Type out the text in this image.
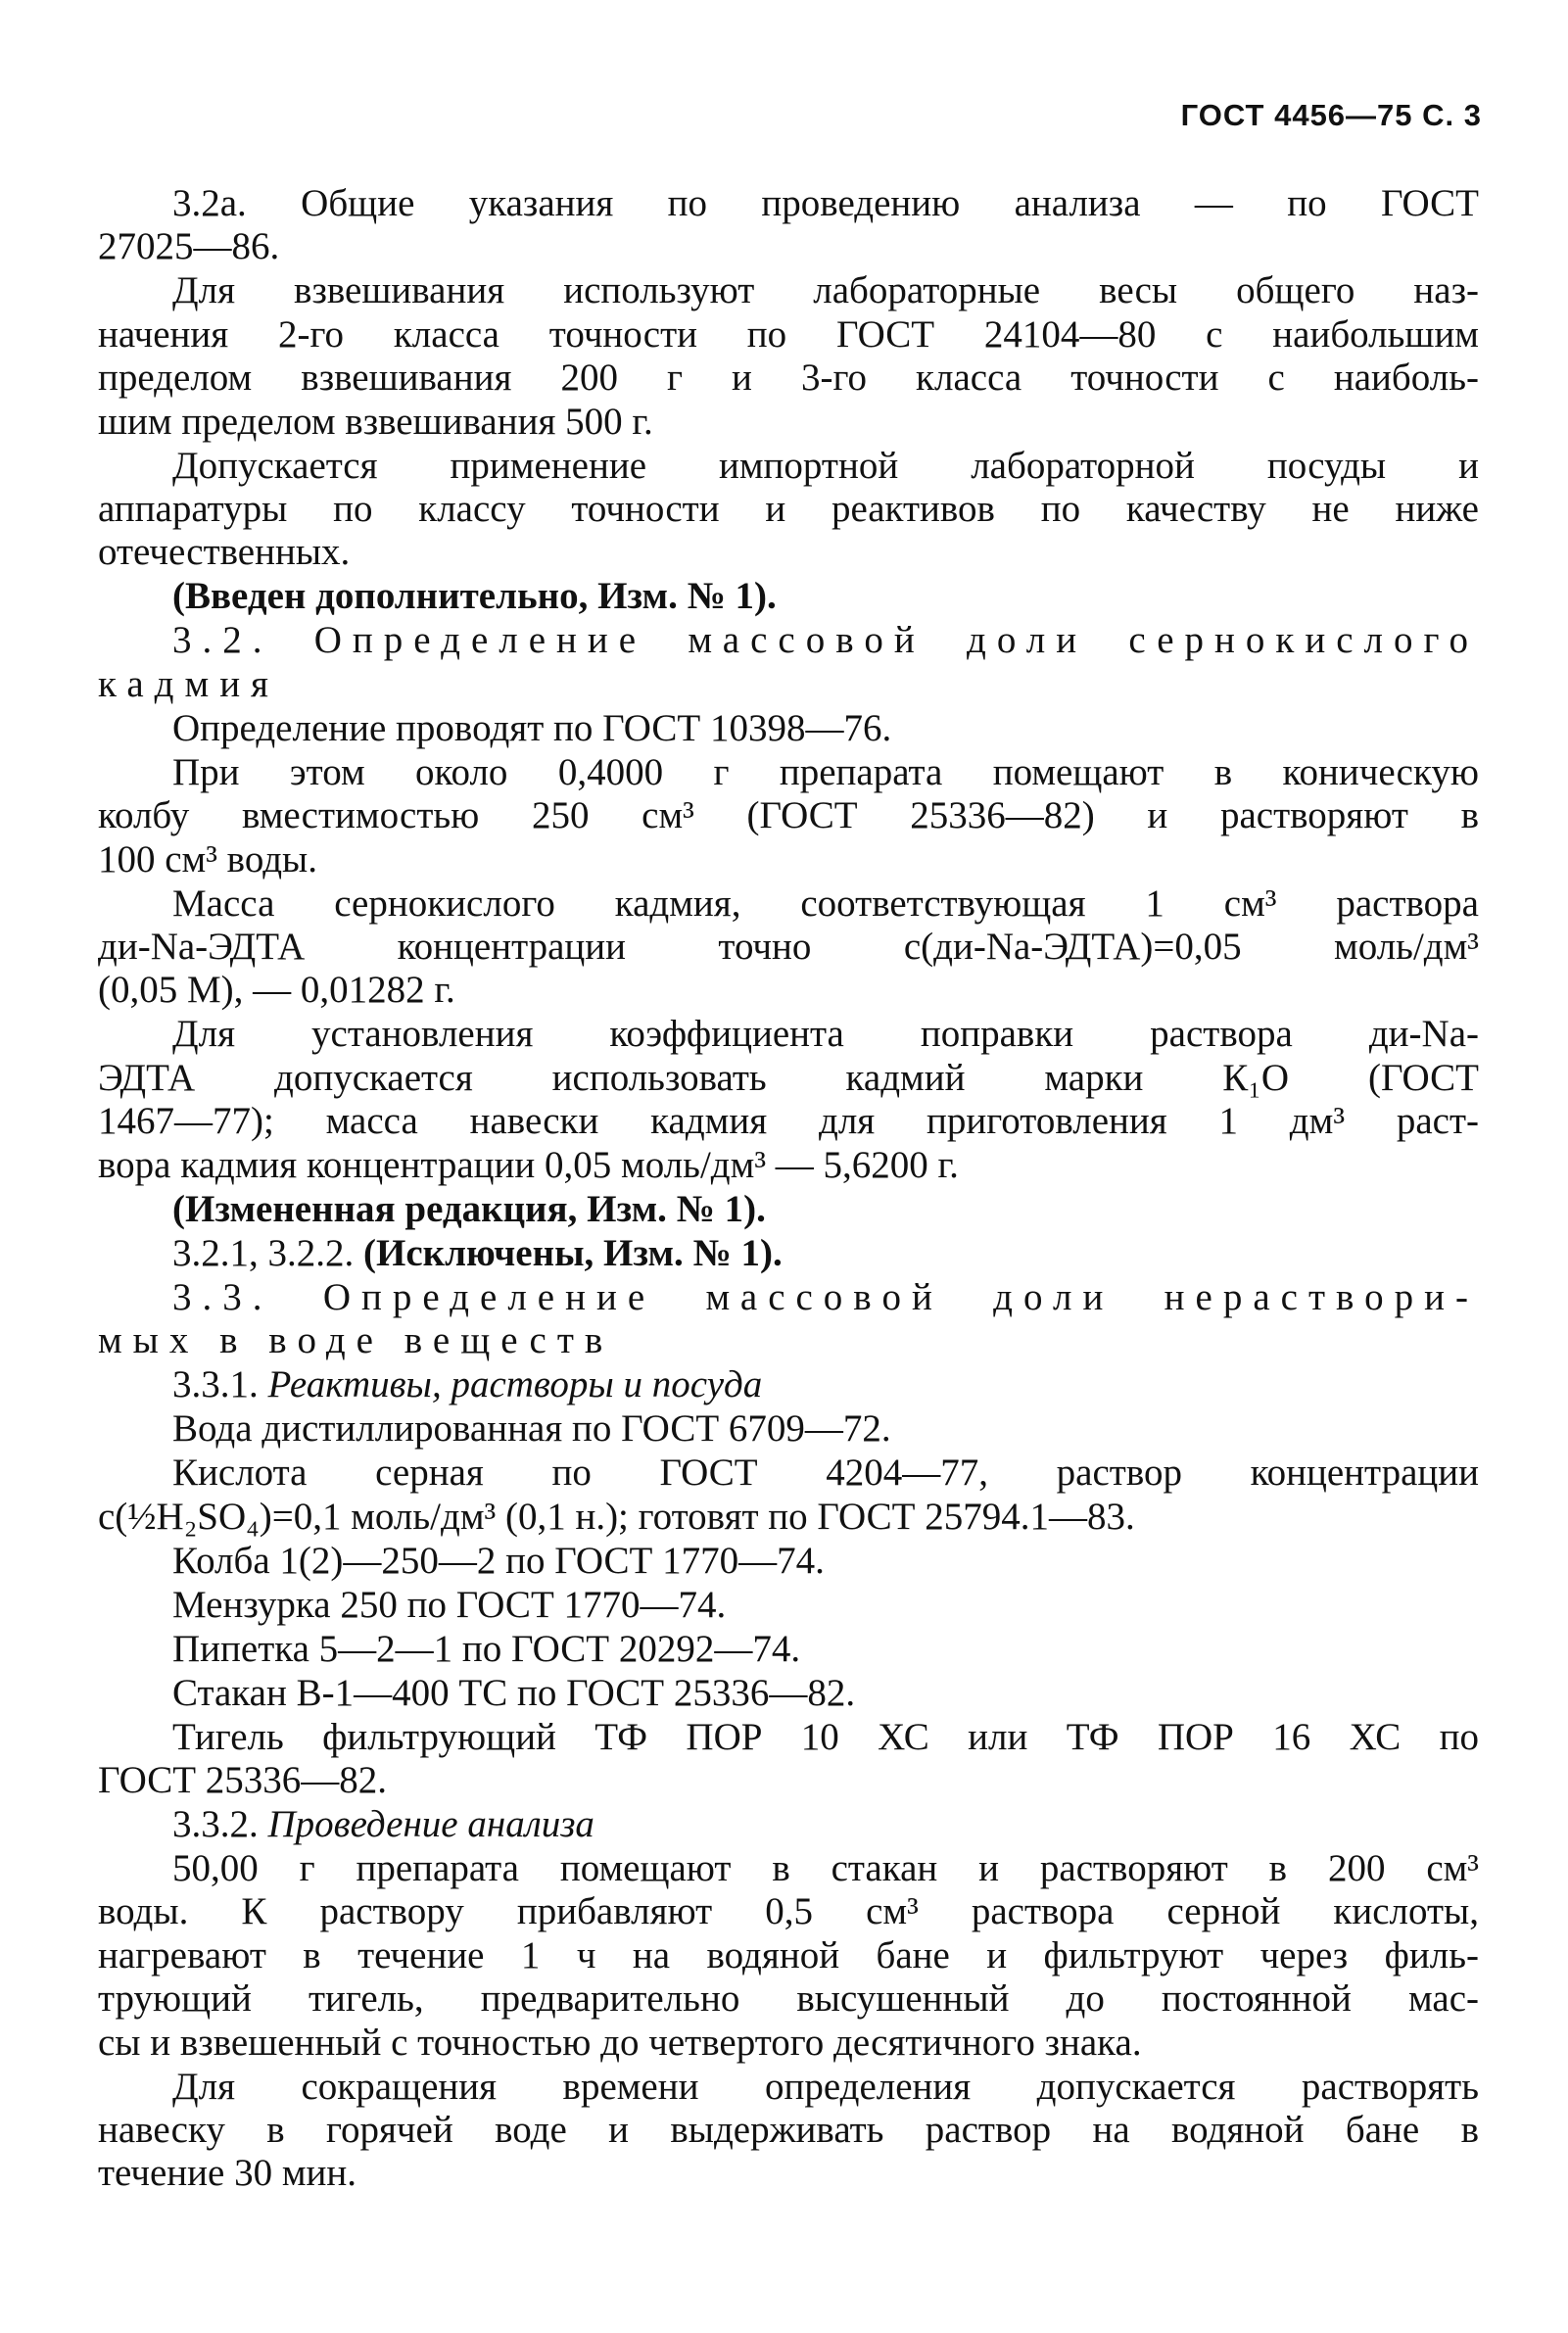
ГОСТ 4456—75 С. 3
3.2а. Общие указания по проведению анализа — по ГОСТ
27025—86.
Для взвешивания используют лабораторные весы общего наз-
начения 2-го класса точности по ГОСТ 24104—80 с наибольшим
пределом взвешивания 200 г и 3-го класса точности с наиболь-
шим пределом взвешивания 500 г.
Допускается применение импортной лабораторной посуды и
аппаратуры по классу точности и реактивов по качеству не ниже
отечественных.
(Введен дополнительно, Изм. № 1).
3.2. Определение массовой доли сернокислого
кадмия
Определение проводят по ГОСТ 10398—76.
При этом около 0,4000 г препарата помещают в коническую
колбу вместимостью 250 см³ (ГОСТ 25336—82) и растворяют в
100 см³ воды.
Масса сернокислого кадмия, соответствующая 1 см³ раствора
ди-Na-ЭДТА концентрации точно с(ди-Na-ЭДТА)=0,05 моль/дм³
(0,05 М), — 0,01282 г.
Для установления коэффициента поправки раствора ди-Na-
ЭДТА допускается использовать кадмий марки К₁О (ГОСТ
1467—77); масса навески кадмия для приготовления 1 дм³ раст-
вора кадмия концентрации 0,05 моль/дм³ — 5,6200 г.
(Измененная редакция, Изм. № 1).
3.2.1, 3.2.2. (Исключены, Изм. № 1).
3.3. Определение массовой доли нераствори-
мых в воде веществ
3.3.1. Реактивы, растворы и посуда
Вода дистиллированная по ГОСТ 6709—72.
Кислота серная по ГОСТ 4204—77, раствор концентрации
с(½H₂SO₄)=0,1 моль/дм³ (0,1 н.); готовят по ГОСТ 25794.1—83.
Колба 1(2)—250—2 по ГОСТ 1770—74.
Мензурка 250 по ГОСТ 1770—74.
Пипетка 5—2—1 по ГОСТ 20292—74.
Стакан В-1—400 ТС по ГОСТ 25336—82.
Тигель фильтрующий ТФ ПОР 10 ХС или ТФ ПОР 16 ХС по
ГОСТ 25336—82.
3.3.2. Проведение анализа
50,00 г препарата помещают в стакан и растворяют в 200 см³
воды. К раствору прибавляют 0,5 см³ раствора серной кислоты,
нагревают в течение 1 ч на водяной бане и фильтруют через филь-
трующий тигель, предварительно высушенный до постоянной мас-
сы и взвешенный с точностью до четвертого десятичного знака.
Для сокращения времени определения допускается растворять
навеску в горячей воде и выдерживать раствор на водяной бане в
течение 30 мин.
